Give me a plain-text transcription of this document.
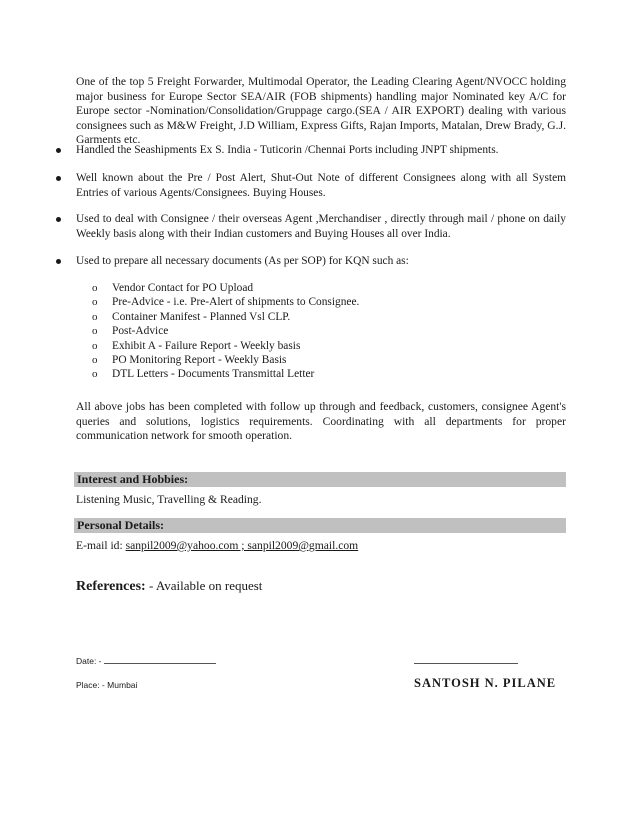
One of the top 5 Freight Forwarder, Multimodal Operator, the Leading Clearing Agent/NVOCC holding major business for Europe Sector SEA/AIR (FOB shipments) handling major Nominated key A/C for Europe sector -Nomination/Consolidation/Gruppage cargo.(SEA / AIR EXPORT) dealing with various consignees such as M&W Freight, J.D William, Express Gifts, Rajan Imports, Matalan, Drew Brady, G.J. Garments etc.
Handled the Seashipments Ex S. India - Tuticorin /Chennai Ports including JNPT shipments.
Well known about the Pre / Post Alert, Shut-Out Note of different Consignees along with all System Entries of various Agents/Consignees. Buying Houses.
Used to deal with Consignee / their overseas Agent ,Merchandiser , directly through mail / phone on daily Weekly basis along with their Indian customers and Buying Houses all over India.
Used to prepare all necessary documents (As per SOP) for KQN such as:
o Vendor Contact for PO Upload
o Pre-Advice - i.e. Pre-Alert of shipments to Consignee.
o Container Manifest - Planned Vsl CLP.
o Post-Advice
o Exhibit A - Failure Report - Weekly basis
o PO Monitoring Report - Weekly Basis
o DTL Letters - Documents Transmittal Letter
All above jobs has been completed with follow up through and feedback, customers, consignee Agent's queries and solutions, logistics requirements. Coordinating with all departments for proper communication network for smooth operation.
Interest and Hobbies:
Listening Music, Travelling & Reading.
Personal Details:
E-mail id: sanpil2009@yahoo.com ; sanpil2009@gmail.com
References: - Available on request
Date: -
Place: - Mumbai	SANTOSH N. PILANE
